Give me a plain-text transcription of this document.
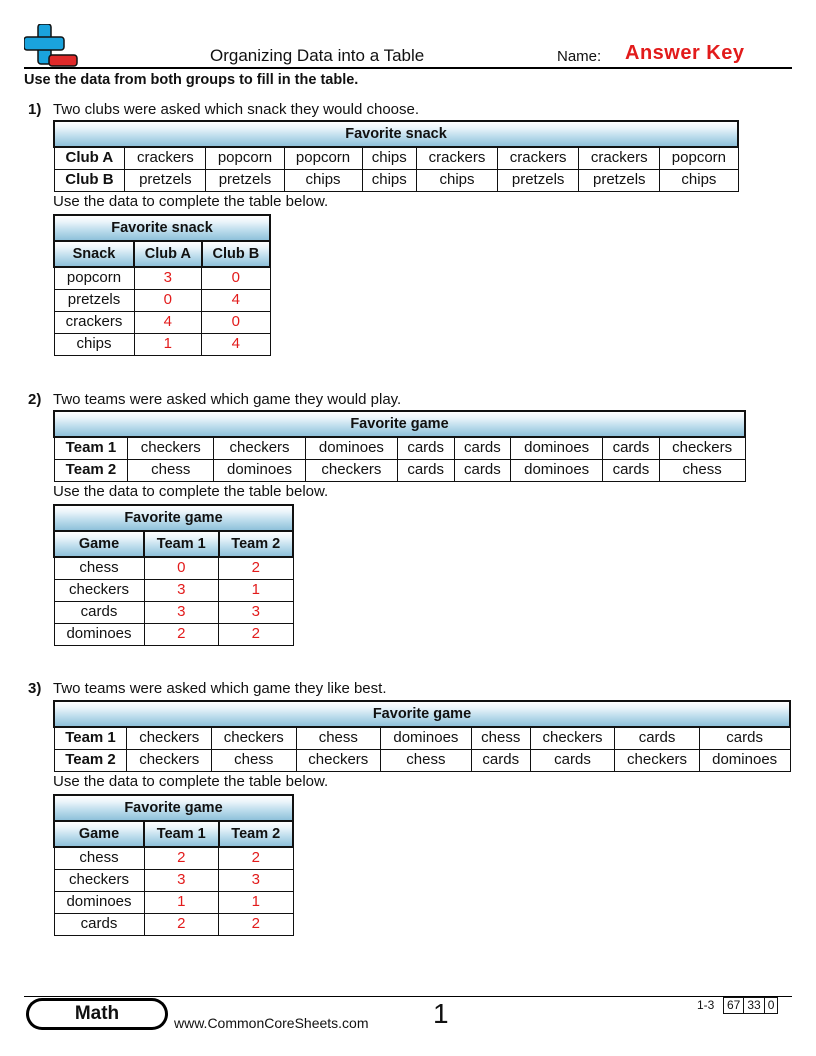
Organizing Data into a Table	Name: Answer Key
Use the data from both groups to fill in the table.
1) Two clubs were asked which snack they would choose.
Favorite snack								
Club A	crackers	popcorn	popcorn	chips	crackers	crackers	crackers	popcorn
Club B	pretzels	pretzels	chips	chips	chips	pretzels	pretzels	chips
Use the data to complete the table below.
Favorite snack		
Snack	Club A	Club B
popcorn	3	0
pretzels	0	4
crackers	4	0
chips	1	4
2) Two teams were asked which game they would play.
Favorite game								
Team 1	checkers	checkers	dominoes	cards	cards	dominoes	cards	checkers
Team 2	chess	dominoes	checkers	cards	cards	dominoes	cards	chess
Use the data to complete the table below.
Favorite game		
Game	Team 1	Team 2
chess	0	2
checkers	3	1
cards	3	3
dominoes	2	2
3) Two teams were asked which game they like best.
Favorite game								
Team 1	checkers	checkers	chess	dominoes	chess	checkers	cards	cards
Team 2	checkers	chess	checkers	chess	cards	cards	checkers	dominoes
Use the data to complete the table below.
Favorite game		
Game	Team 1	Team 2
chess	2	2
checkers	3	3
dominoes	1	1
cards	2	2
Math	www.CommonCoreSheets.com 1	1-3	67 33 0
